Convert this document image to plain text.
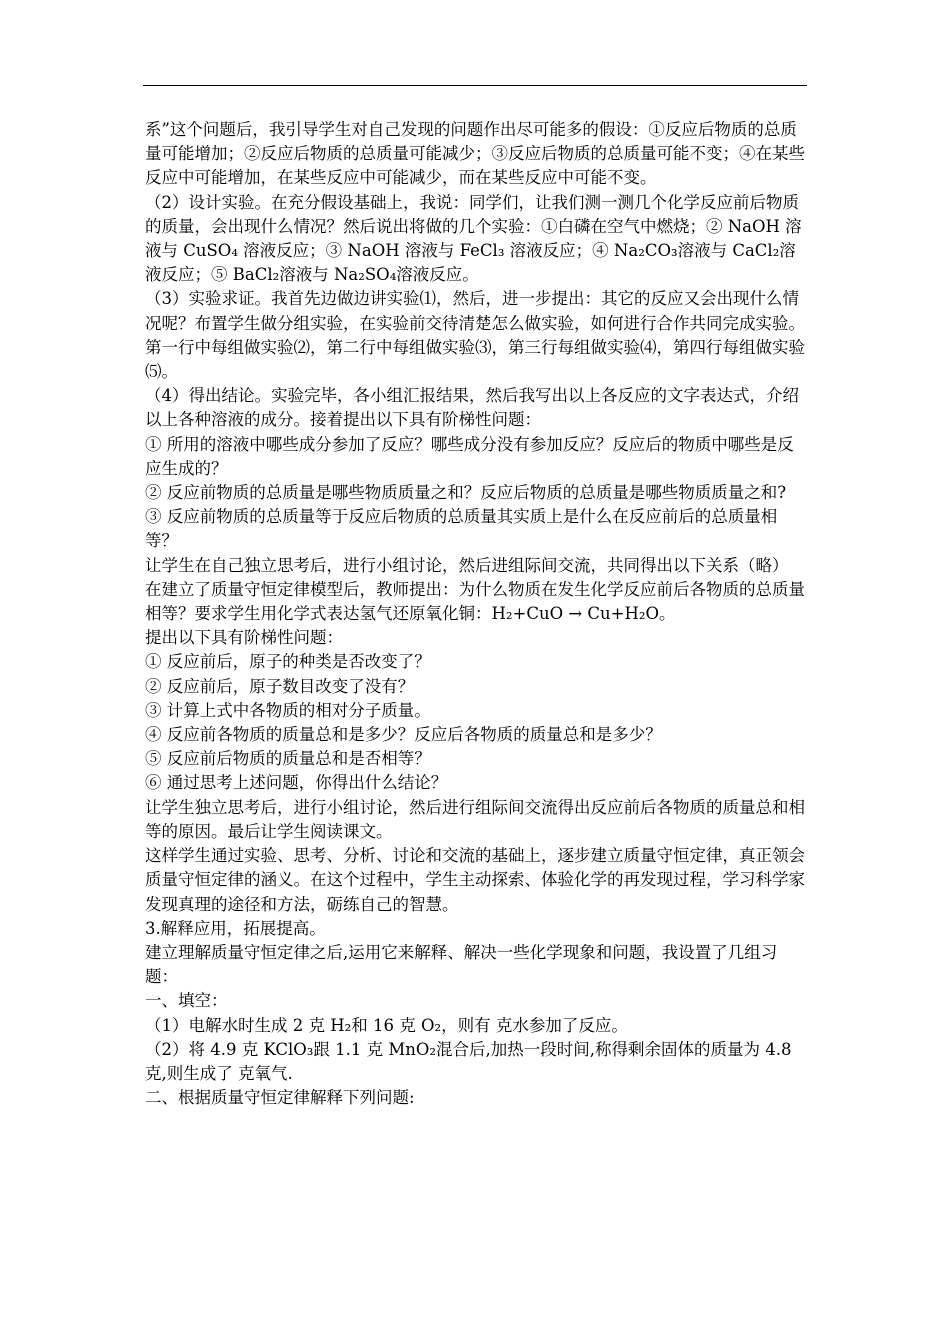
系”这个问题后，我引导学生对自己发现的问题作出尽可能多的假设：①反应后物质的总质量可能增加；②反应后物质的总质量可能减少；③反应后物质的总质量可能不变；④在某些反应中可能增加，在某些反应中可能减少，而在某些反应中可能不变。

（2）设计实验。在充分假设基础上，我说：同学们，让我们测一测几个化学反应前后物质的质量，会出现什么情况？然后说出将做的几个实验：①白磷在空气中燃烧；② NaOH 溶液与 CuSO₄ 溶液反应；③ NaOH 溶液与 FeCl₃ 溶液反应；④ Na₂CO₃溶液与 CaCl₂溶液反应；⑤ BaCl₂溶液与 Na₂SO₄溶液反应。

（3）实验求证。我首先边做边讲实验⑴，然后，进一步提出：其它的反应又会出现什么情况呢？布置学生做分组实验，在实验前交待清楚怎么做实验，如何进行合作共同完成实验。第一行中每组做实验⑵，第二行中每组做实验⑶，第三行每组做实验⑷，第四行每组做实验⑸。

（4）得出结论。实验完毕，各小组汇报结果，然后我写出以上各反应的文字表达式，介绍以上各种溶液的成分。接着提出以下具有阶梯性问题：

① 所用的溶液中哪些成分参加了反应？哪些成分没有参加反应？反应后的物质中哪些是反应生成的？

② 反应前物质的总质量是哪些物质质量之和？反应后物质的总质量是哪些物质质量之和?

③ 反应前物质的总质量等于反应后物质的总质量其实质上是什么在反应前后的总质量相等？

让学生在自己独立思考后，进行小组讨论，然后进组际间交流，共同得出以下关系（略）

在建立了质量守恒定律模型后，教师提出：为什么物质在发生化学反应前后各物质的总质量相等？要求学生用化学式表达氢气还原氧化铜：H₂+CuO → Cu+H₂O。

提出以下具有阶梯性问题：

① 反应前后，原子的种类是否改变了？

② 反应前后，原子数目改变了没有？

③ 计算上式中各物质的相对分子质量。

④ 反应前各物质的质量总和是多少？反应后各物质的质量总和是多少？

⑤ 反应前后物质的质量总和是否相等？

⑥ 通过思考上述问题，你得出什么结论？

让学生独立思考后，进行小组讨论，然后进行组际间交流得出反应前后各物质的质量总和相等的原因。最后让学生阅读课文。

这样学生通过实验、思考、分析、讨论和交流的基础上，逐步建立质量守恒定律，真正领会质量守恒定律的涵义。在这个过程中，学生主动探索、体验化学的再发现过程，学习科学家发现真理的途径和方法，砺练自己的智慧。

3.解释应用，拓展提高。

建立理解质量守恒定律之后,运用它来解释、解决一些化学现象和问题，我设置了几组习题：

一、填空：

（1）电解水时生成 2 克 H₂和 16 克 O₂，则有 克水参加了反应。

（2）将 4.9 克 KClO₃跟 1.1 克 MnO₂混合后,加热一段时间,称得剩余固体的质量为 4.8 克,则生成了 克氧气.

二、根据质量守恒定律解释下列问题:
